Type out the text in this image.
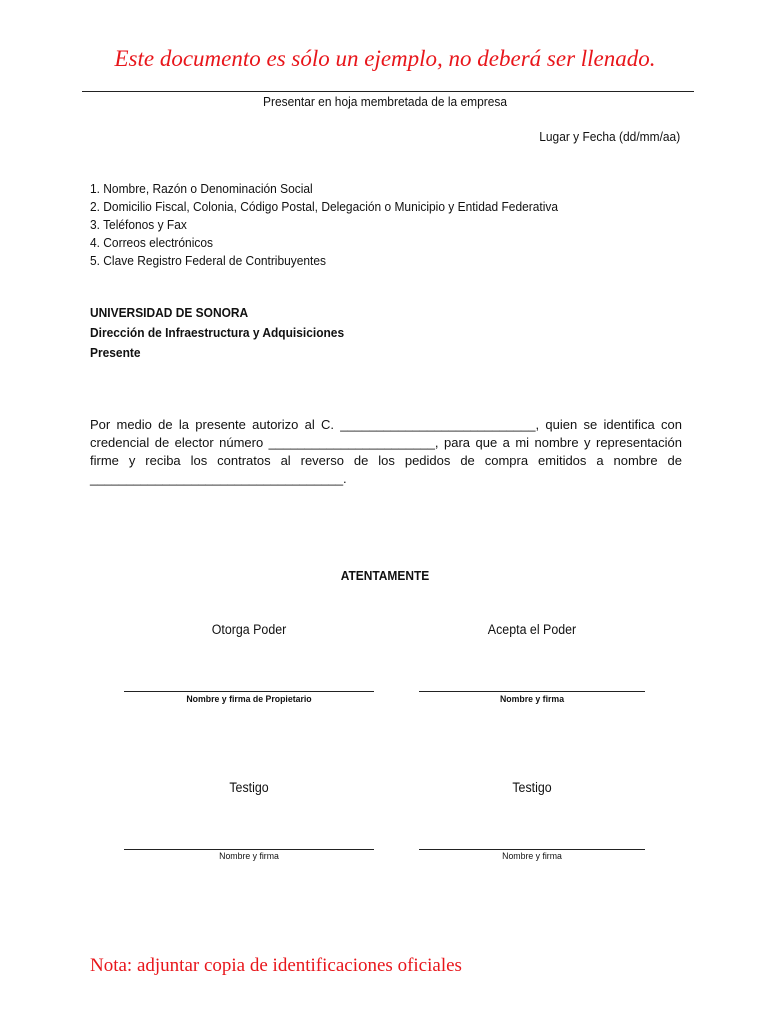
Este documento es sólo un ejemplo, no deberá ser llenado.
Presentar en hoja membretada de la empresa
Lugar y Fecha (dd/mm/aa)
1. Nombre, Razón o Denominación Social
2. Domicilio Fiscal, Colonia, Código Postal, Delegación o Municipio y Entidad Federativa
3. Teléfonos y Fax
4. Correos electrónicos
5. Clave Registro Federal de Contribuyentes
UNIVERSIDAD DE SONORA
Dirección de Infraestructura y Adquisiciones
Presente
Por medio de la presente autorizo al C. ___________________________, quien se identifica con credencial de elector número _______________________, para que a mi nombre y representación firme y reciba los contratos al reverso de los pedidos de compra emitidos a nombre de ___________________________________.
ATENTAMENTE
Otorga Poder	Acepta el Poder
Nombre y firma de Propietario	Nombre y firma
Testigo	Testigo
Nombre y firma	Nombre y firma
Nota: adjuntar copia de identificaciones oficiales
